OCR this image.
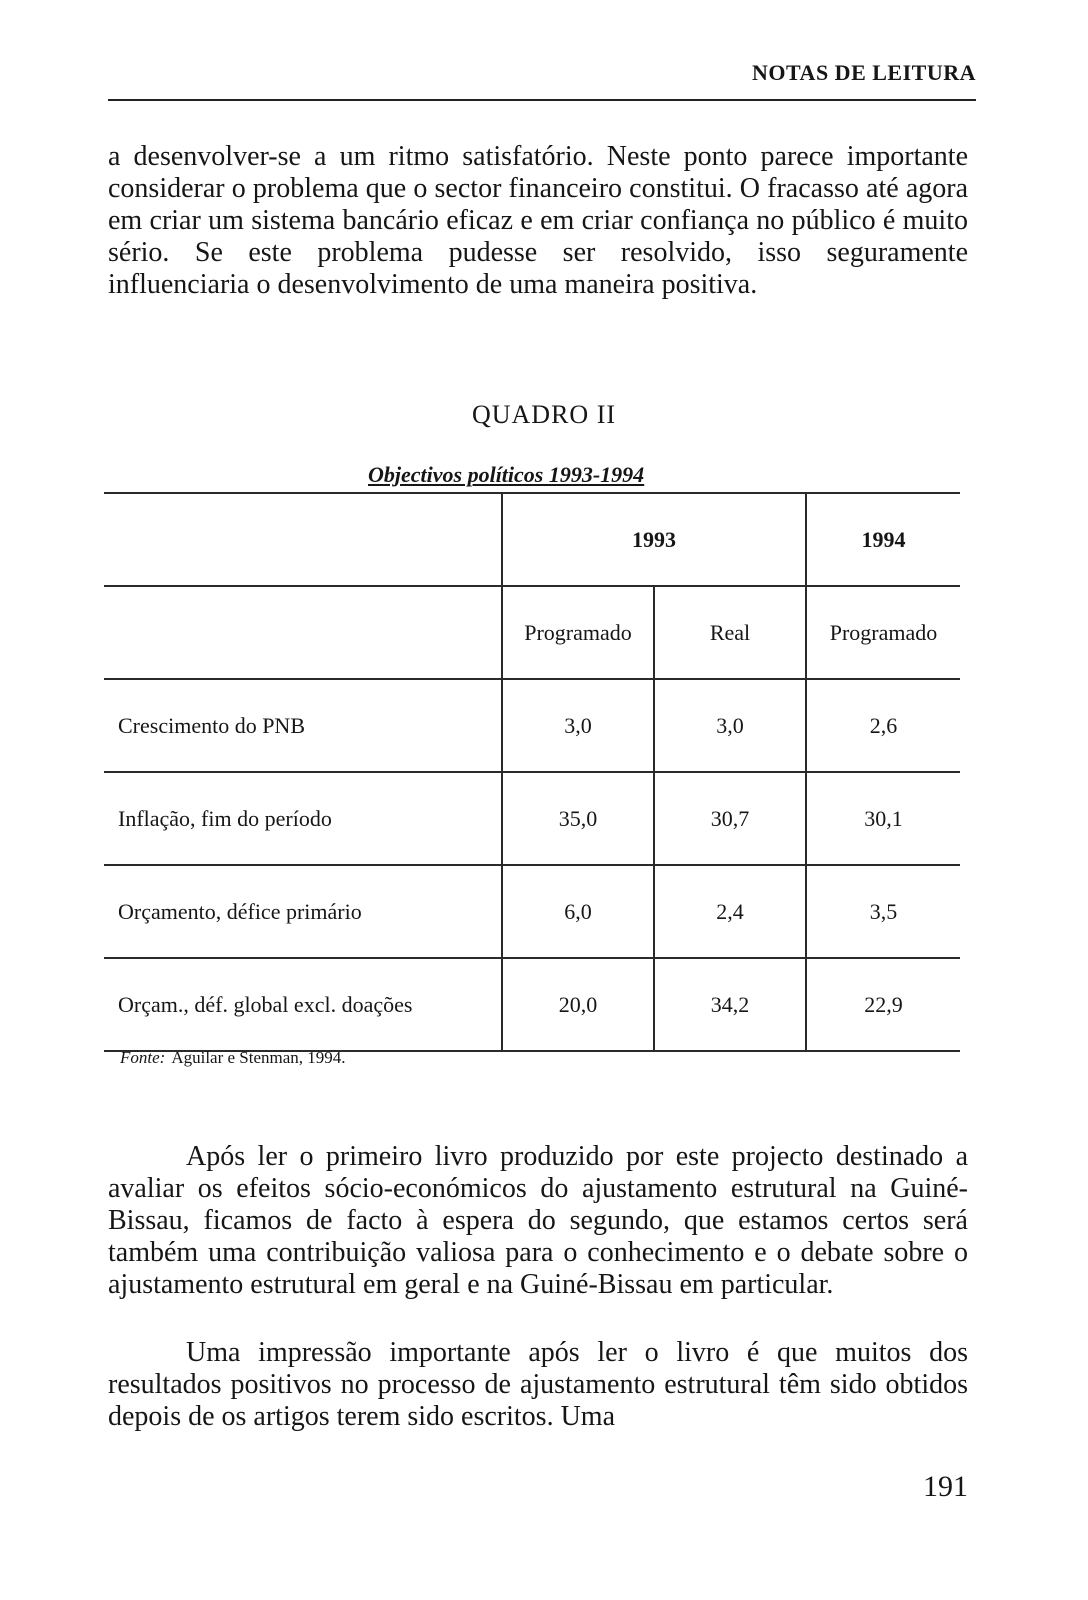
NOTAS DE LEITURA

a desenvolver-se a um ritmo satisfatório. Neste ponto parece importante considerar o problema que o sector financeiro constitui. O fracasso até agora em criar um sistema bancário eficaz e em criar confiança no público é muito sério. Se este problema pudesse ser resolvido, isso seguramente influenciaria o desenvolvimento de uma maneira positiva.

QUADRO II
Objectivos políticos 1993-1994
	1993		1994
	Programado	Real	Programado
Crescimento do PNB	3,0	3,0	2,6
Inflação, fim do período	35,0	30,7	30,1
Orçamento, défice primário	6,0	2,4	3,5
Orçam., déf. global excl. doações	20,0	34,2	22,9
Fonte: Aguilar e Stenman, 1994.

Após ler o primeiro livro produzido por este projecto destinado a avaliar os efeitos sócio-económicos do ajustamento estrutural na Guiné-Bissau, ficamos de facto à espera do segundo, que estamos certos será também uma contribuição valiosa para o conhecimento e o debate sobre o ajustamento estrutural em geral e na Guiné-Bissau em particular.

Uma impressão importante após ler o livro é que muitos dos resultados positivos no processo de ajustamento estrutural têm sido obtidos depois de os artigos terem sido escritos. Uma

191
